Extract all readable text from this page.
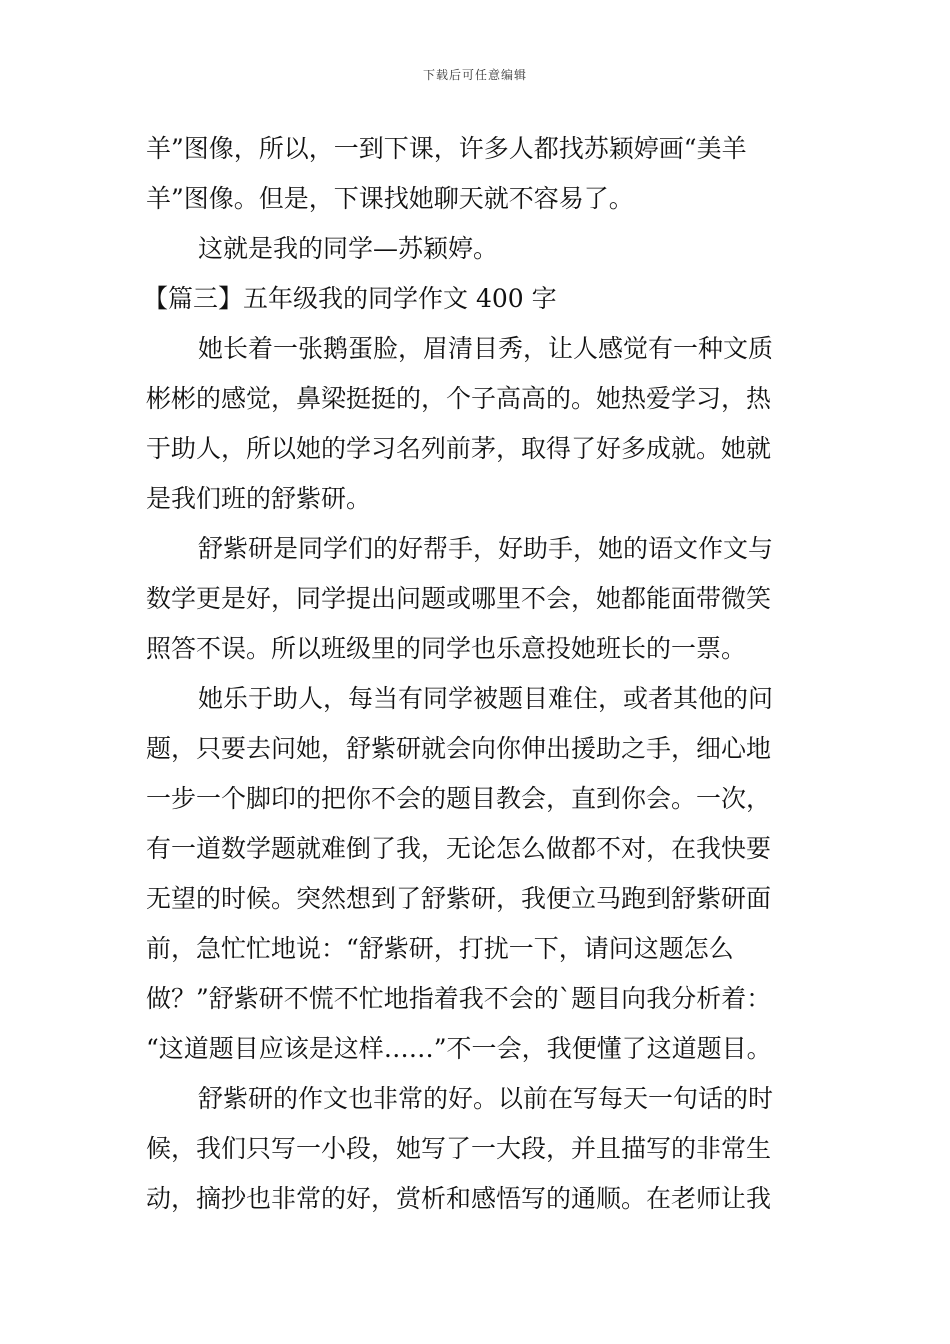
下载后可任意编辑
羊”图像，所以，一到下课，许多人都找苏颖婷画“美羊
羊”图像。但是，下课找她聊天就不容易了。
这就是我的同学—苏颖婷。
【篇三】五年级我的同学作文 400 字
她长着一张鹅蛋脸，眉清目秀，让人感觉有一种文质
彬彬的感觉，鼻梁挺挺的，个子高高的。她热爱学习，热
于助人，所以她的学习名列前茅，取得了好多成就。她就
是我们班的舒紫研。
舒紫研是同学们的好帮手，好助手，她的语文作文与
数学更是好，同学提出问题或哪里不会，她都能面带微笑
照答不误。所以班级里的同学也乐意投她班长的一票。
她乐于助人，每当有同学被题目难住，或者其他的问
题，只要去问她，舒紫研就会向你伸出援助之手，细心地
一步一个脚印的把你不会的题目教会，直到你会。一次，
有一道数学题就难倒了我，无论怎么做都不对，在我快要
无望的时候。突然想到了舒紫研，我便立马跑到舒紫研面
前，急忙忙地说：“舒紫研，打扰一下，请问这题怎么
做？”舒紫研不慌不忙地指着我不会的`题目向我分析着：
“这道题目应该是这样……”不一会，我便懂了这道题目。
舒紫研的作文也非常的好。以前在写每天一句话的时
候，我们只写一小段，她写了一大段，并且描写的非常生
动，摘抄也非常的好，赏析和感悟写的通顺。在老师让我
